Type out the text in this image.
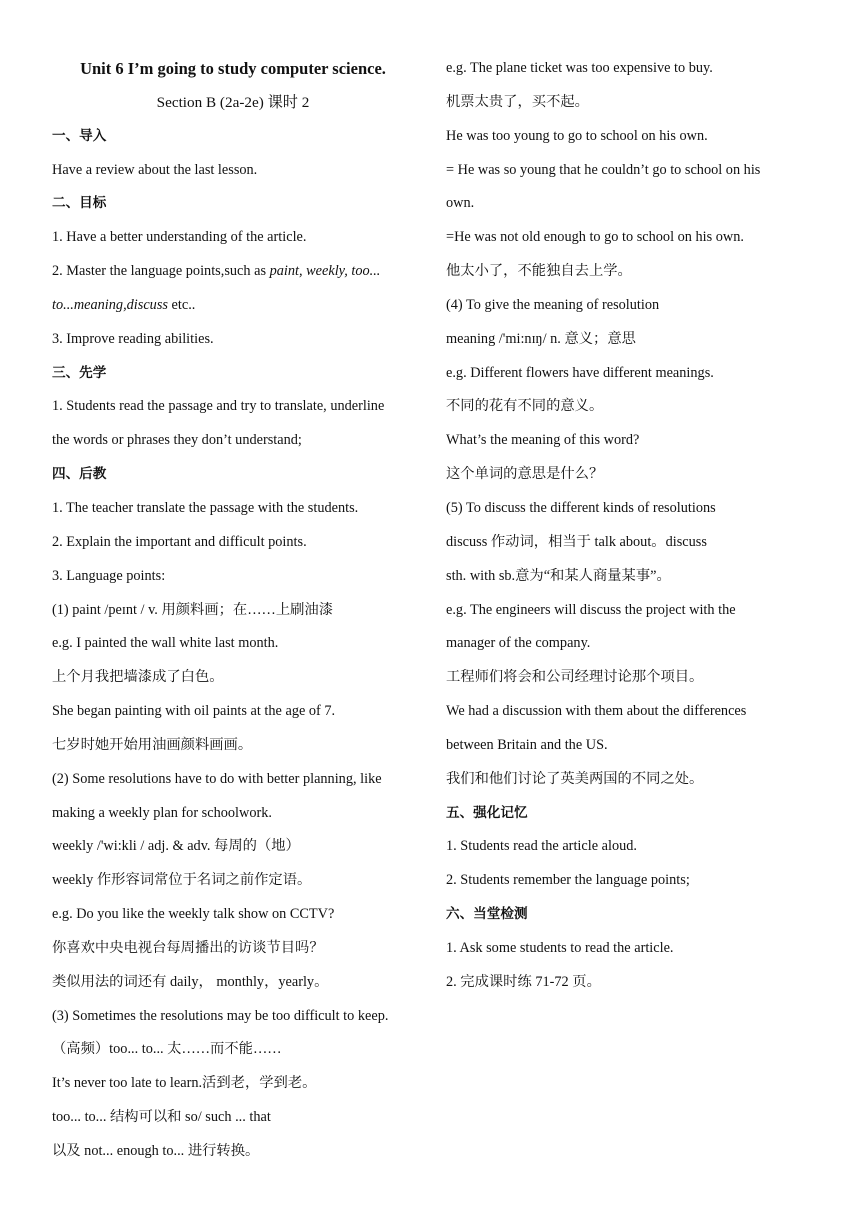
Unit 6 I’m going to study computer science.
Section B (2a-2e) 课时 2
一、导入
Have a review about the last lesson.
二、目标
1. Have a better understanding of the article.
2. Master the language points,such as paint, weekly, too...
to...meaning,discuss etc..
3. Improve reading abilities.
三、先学
1. Students read the passage and try to translate, underline
the words or phrases they don’t understand;
四、后教
1. The teacher translate the passage with the students.
2. Explain the important and difficult points.
3. Language points:
(1) paint /peɪnt / v. 用颜料画；在……上刷油漆
e.g. I painted the wall white last month.
上个月我把墙漆成了白色。
She began painting with oil paints at the age of 7.
七岁时她开始用油画颜料画画。
(2) Some resolutions have to do with better planning, like
making a weekly plan for schoolwork.
weekly /'wi:kli / adj. & adv. 每周的（地）
weekly 作形容词常位于名词之前作定语。
e.g. Do you like the weekly talk show on CCTV?
你喜欢中央电视台每周播出的访谈节目吗？
类似用法的词还有 daily， monthly，yearly。
(3) Sometimes the resolutions may be too difficult to keep.
（高频）too... to... 太……而不能……
It’s never too late to learn.活到老，学到老。
too... to... 结构可以和 so/ such ... that
以及 not... enough to... 进行转换。
e.g. The plane ticket was too expensive to buy.
机票太贵了，买不起。
He was too young to go to school on his own.
= He was so young that he couldn’t go to school on his
own.
=He was not old enough to go to school on his own.
他太小了，不能独自去上学。
(4) To give the meaning of resolution
meaning /'mi:nɪŋ/ n. 意义；意思
e.g. Different flowers have different meanings.
不同的花有不同的意义。
What’s the meaning of this word?
这个单词的意思是什么？
(5) To discuss the different kinds of resolutions
discuss 作动词，相当于 talk about。discuss
sth. with sb.意为“和某人商量某事”。
e.g. The engineers will discuss the project with the
manager of the company.
工程师们将会和公司经理讨论那个项目。
We had a discussion with them about the differences
between Britain and the US.
我们和他们讨论了英美两国的不同之处。
五、强化记忆
1. Students read the article aloud.
2. Students remember the language points;
六、当堂检测
1. Ask some students to read the article.
2. 完成课时练 71-72 页。
